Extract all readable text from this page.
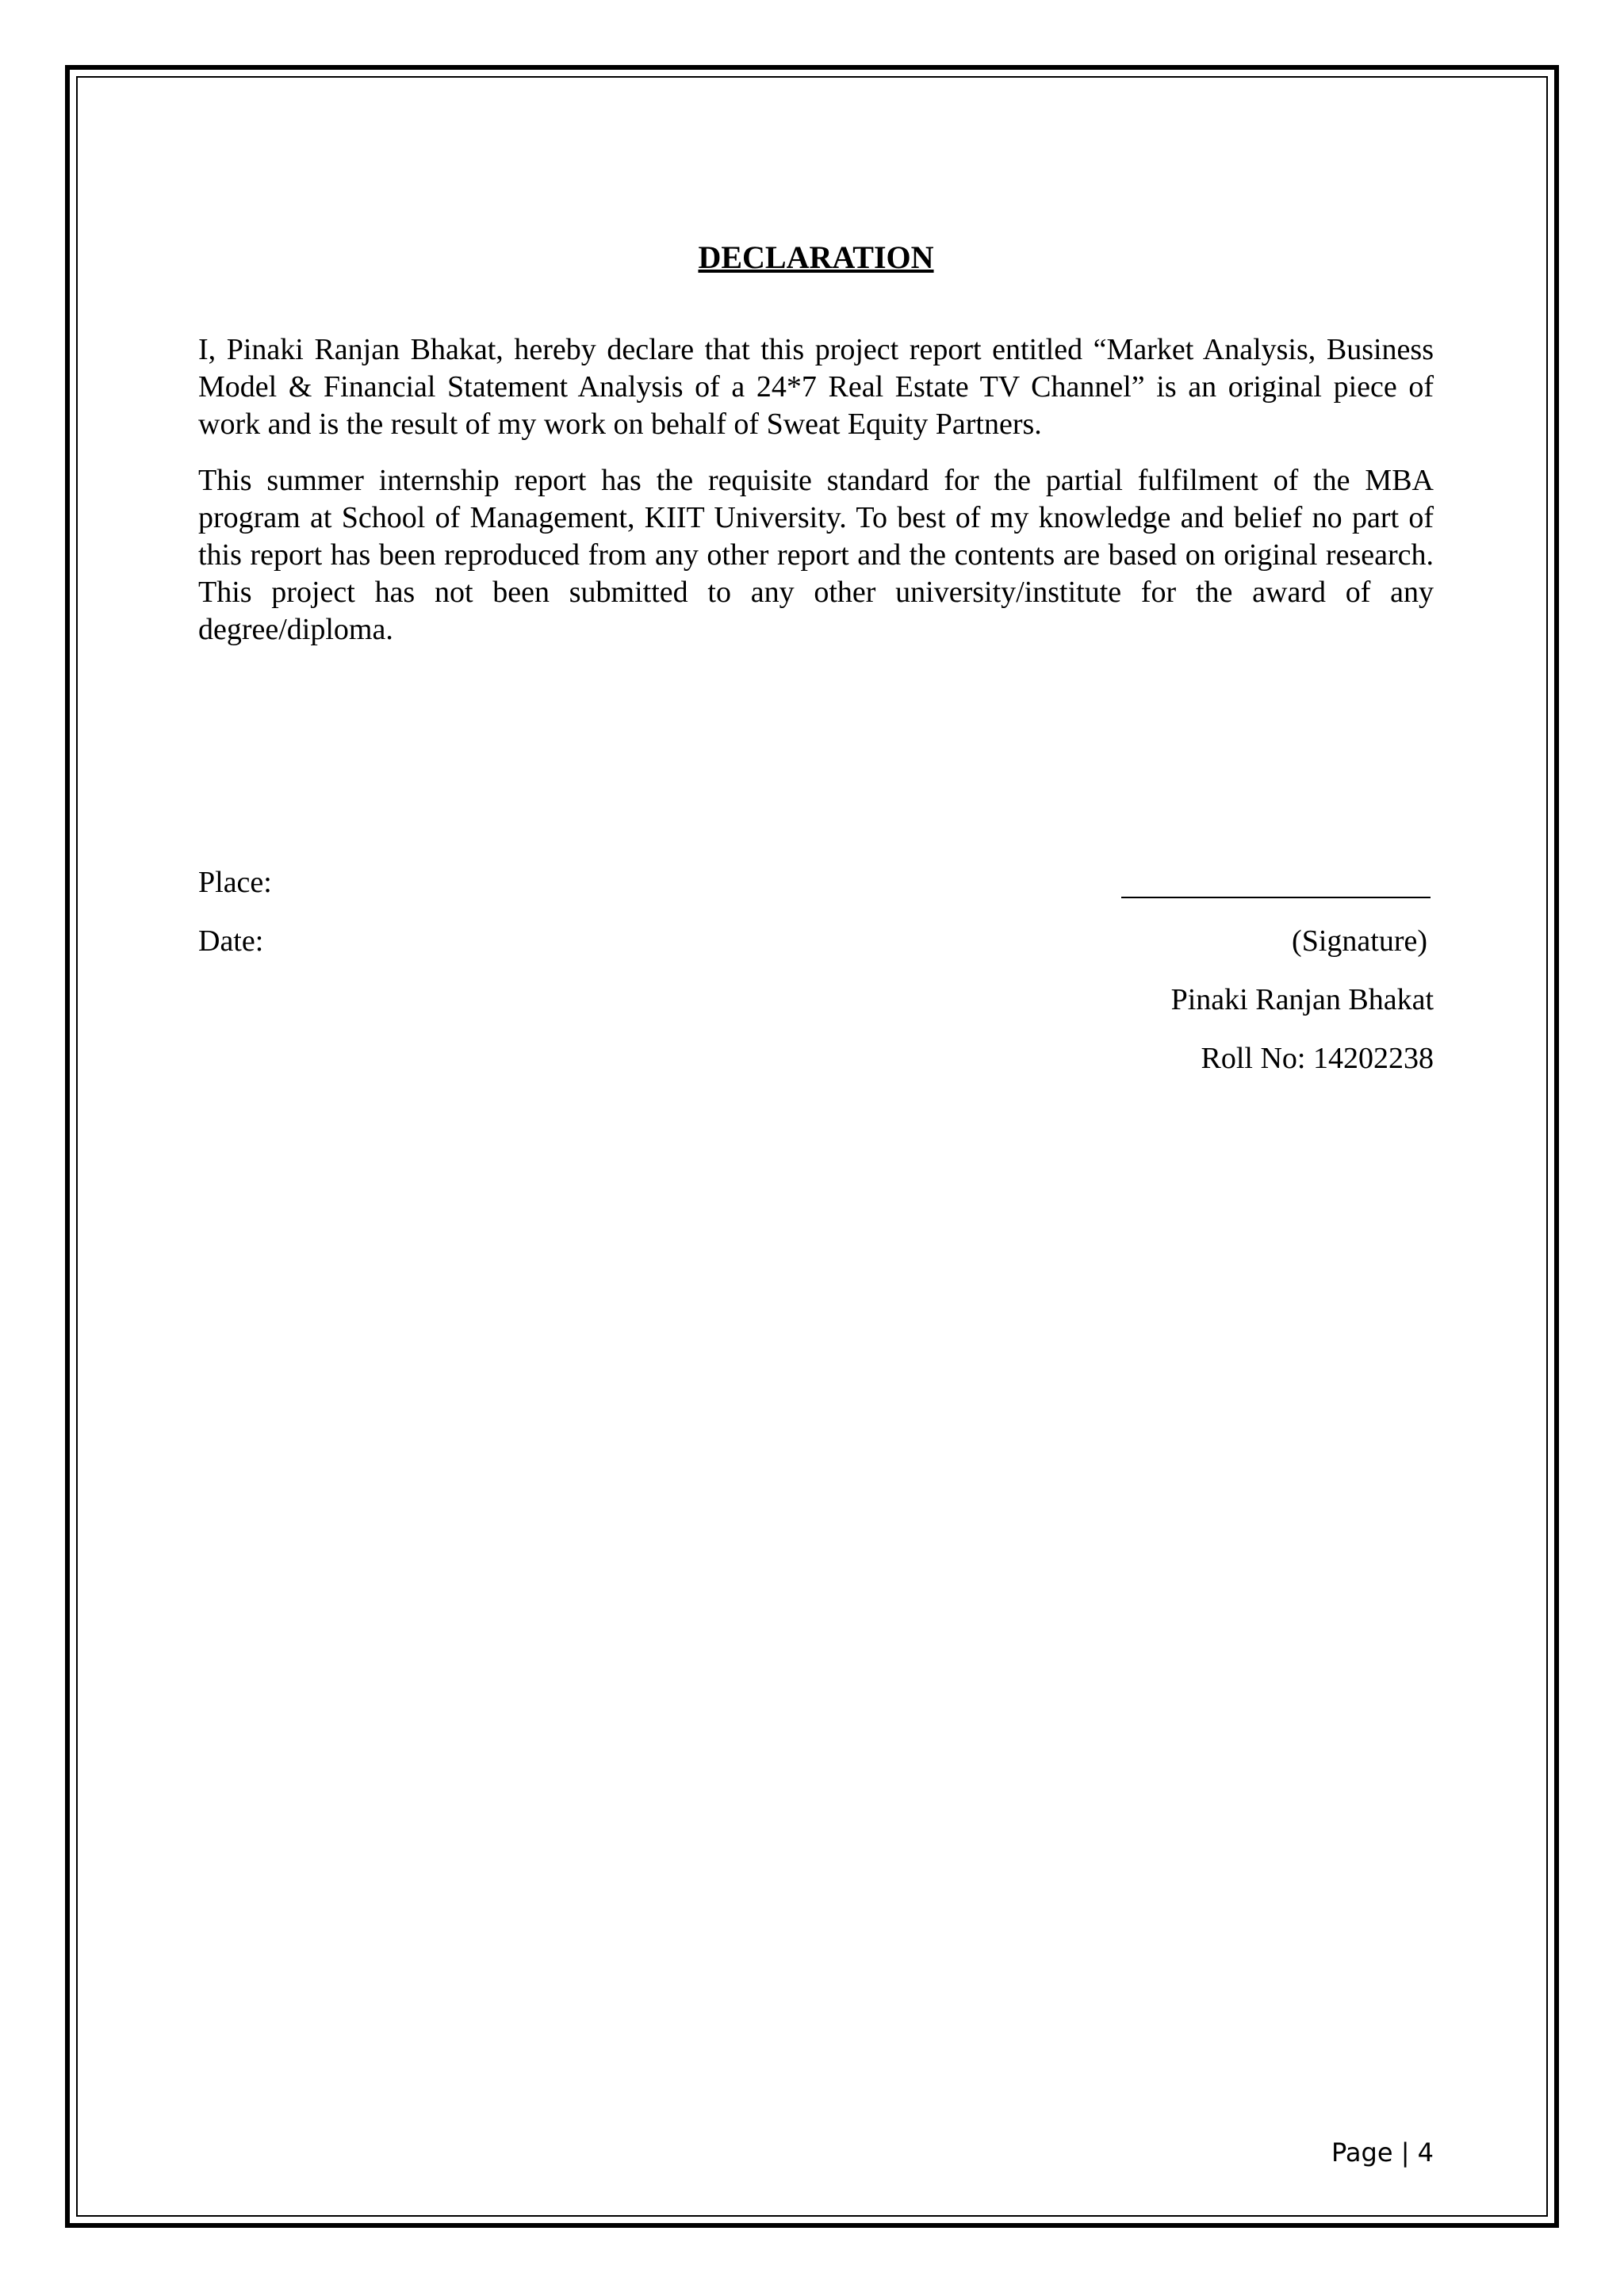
DECLARATION

I, Pinaki Ranjan Bhakat, hereby declare that this project report entitled “Market Analysis, Business Model & Financial Statement Analysis of a 24*7 Real Estate TV Channel” is an original piece of work and is the result of my work on behalf of Sweat Equity Partners.

This summer internship report has the requisite standard for the partial fulfilment of the MBA program at School of Management, KIIT University. To best of my knowledge and belief no part of this report has been reproduced from any other report and the contents are based on original research. This project has not been submitted to any other university/institute for the award of any degree/diploma.

Place:
Date:	(Signature)
Pinaki Ranjan Bhakat
Roll No: 14202238
Page | 4
